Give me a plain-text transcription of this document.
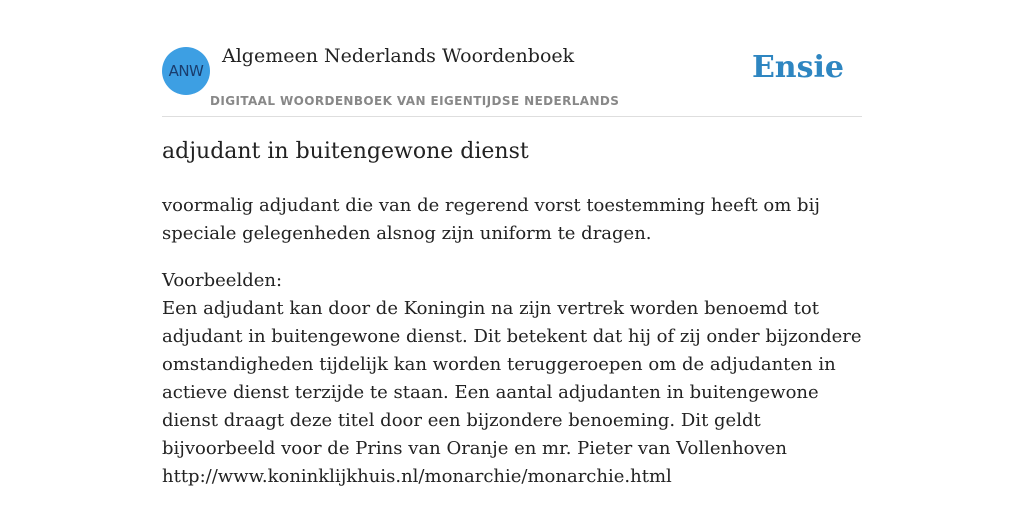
ANW
Algemeen Nederlands Woordenboek
DIGITAAL WOORDENBOEK VAN EIGENTIJDSE NEDERLANDS
Ensie
adjudant in buitengewone dienst

voormalig adjudant die van de regerend vorst toestemming heeft om bij speciale gelegenheden alsnog zijn uniform te dragen.

Voorbeelden:
Een adjudant kan door de Koningin na zijn vertrek worden benoemd tot adjudant in buitengewone dienst. Dit betekent dat hij of zij onder bijzondere omstandigheden tijdelijk kan worden teruggeroepen om de adjudanten in actieve dienst terzijde te staan. Een aantal adjudanten in buitengewone dienst draagt deze titel door een bijzondere benoeming. Dit geldt bijvoorbeeld voor de Prins van Oranje en mr. Pieter van Vollenhoven
http://www.koninklijkhuis.nl/monarchie/monarchie.html
